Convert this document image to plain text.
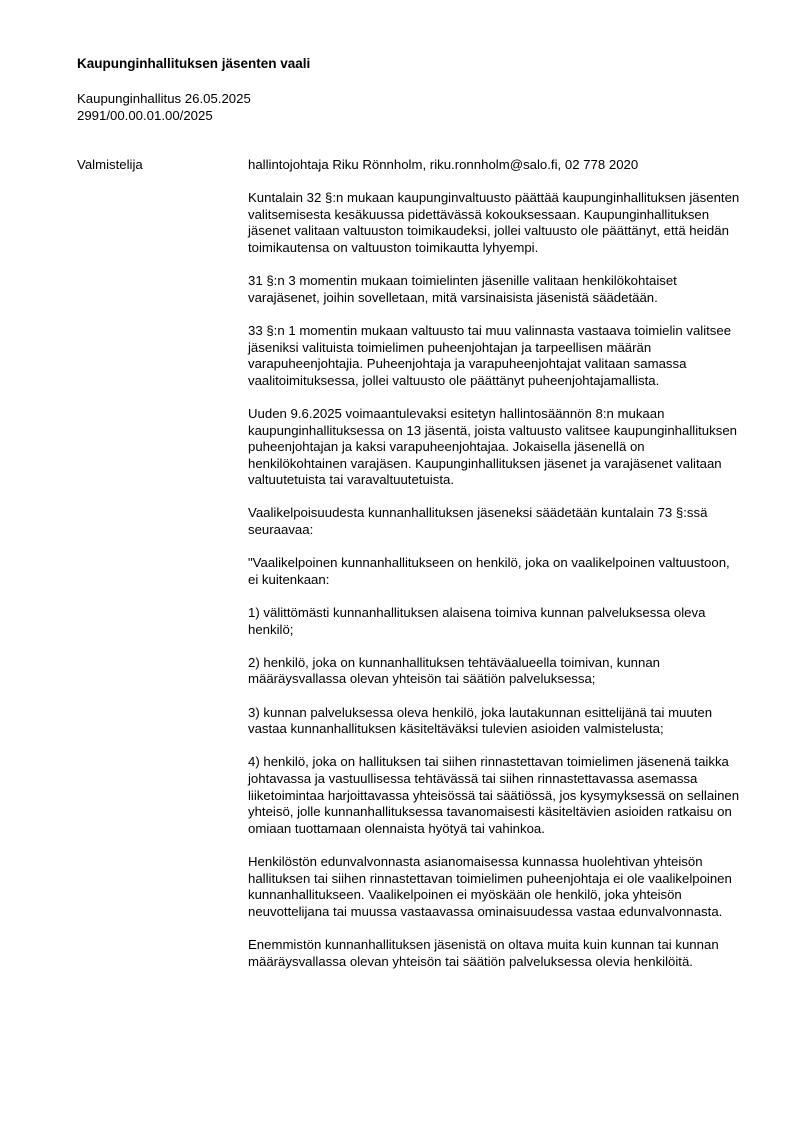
Kaupunginhallituksen jäsenten vaali
Kaupunginhallitus 26.05.2025
2991/00.00.01.00/2025
Valmistelija	hallintojohtaja Riku Rönnholm, riku.ronnholm@salo.fi, 02 778 2020

Kuntalain 32 §:n mukaan kaupunginvaltuusto päättää kaupunginhallituksen jäsenten valitsemisesta kesäkuussa pidettävässä kokouksessaan. Kaupunginhallituksen jäsenet valitaan valtuuston toimikaudeksi, jollei valtuusto ole päättänyt, että heidän toimikautensa on valtuuston toimikautta lyhyempi.

31 §:n 3 momentin mukaan toimielinten jäsenille valitaan henkilökohtaiset varajäsenet, joihin sovelletaan, mitä varsinaisista jäsenistä säädetään.

33 §:n 1 momentin mukaan valtuusto tai muu valinnasta vastaava toimielin valitsee jäseniksi valituista toimielimen puheenjohtajan ja tarpeellisen määrän varapuheenjohtajia. Puheenjohtaja ja varapuheenjohtajat valitaan samassa vaalitoimituksessa, jollei valtuusto ole päättänyt puheenjohtajamallista.

Uuden 9.6.2025 voimaantulevaksi esitetyn hallintosäännön 8:n mukaan kaupunginhallituksessa on 13 jäsentä, joista valtuusto valitsee kaupunginhallituksen puheenjohtajan ja kaksi varapuheenjohtajaa. Jokaisella jäsenellä on henkilökohtainen varajäsen. Kaupunginhallituksen jäsenet ja varajäsenet valitaan valtuutetuista tai varavaltuutetuista.

Vaalikelpoisuudesta kunnanhallituksen jäseneksi säädetään kuntalain 73 §:ssä seuraavaa:

"Vaalikelpoinen kunnanhallitukseen on henkilö, joka on vaalikelpoinen valtuustoon, ei kuitenkaan:

1) välittömästi kunnanhallituksen alaisena toimiva kunnan palveluksessa oleva henkilö;

2) henkilö, joka on kunnanhallituksen tehtäväalueella toimivan, kunnan määräysvallassa olevan yhteisön tai säätiön palveluksessa;

3) kunnan palveluksessa oleva henkilö, joka lautakunnan esittelijänä tai muuten vastaa kunnanhallituksen käsiteltäväksi tulevien asioiden valmistelusta;

4) henkilö, joka on hallituksen tai siihen rinnastettavan toimielimen jäsenenä taikka johtavassa ja vastuullisessa tehtävässä tai siihen rinnastettavassa asemassa liiketoimintaa harjoittavassa yhteisössä tai säätiössä, jos kysymyksessä on sellainen yhteisö, jolle kunnanhallituksessa tavanomaisesti käsiteltävien asioiden ratkaisu on omiaan tuottamaan olennaista hyötyä tai vahinkoa.

Henkilöstön edunvalvonnasta asianomaisessa kunnassa huolehtivan yhteisön hallituksen tai siihen rinnastettavan toimielimen puheenjohtaja ei ole vaalikelpoinen kunnanhallitukseen. Vaalikelpoinen ei myöskään ole henkilö, joka yhteisön neuvottelijana tai muussa vastaavassa ominaisuudessa vastaa edunvalvonnasta.

Enemmistön kunnanhallituksen jäsenistä on oltava muita kuin kunnan tai kunnan määräysvallassa olevan yhteisön tai säätiön palveluksessa olevia henkilöitä.
